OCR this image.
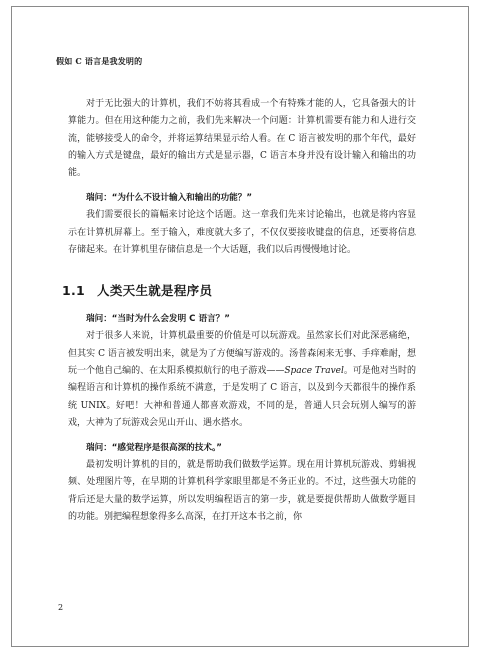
假如 C 语言是我发明的

对于无比强大的计算机，我们不妨将其看成一个有特殊才能的人，它具备强大的计算能力。但在用这种能力之前，我们先来解决一个问题：计算机需要有能力和人进行交流，能够接受人的命令，并将运算结果显示给人看。在 C 语言被发明的那个年代，最好的输入方式是键盘，最好的输出方式是显示器，C 语言本身并没有设计输入和输出的功能。

瑞问：“为什么不设计输入和输出的功能？”

我们需要很长的篇幅来讨论这个话题。这一章我们先来讨论输出，也就是将内容显示在计算机屏幕上。至于输入，难度就大多了，不仅仅要接收键盘的信息，还要将信息存储起来。在计算机里存储信息是一个大话题，我们以后再慢慢地讨论。

1.1 人类天生就是程序员
瑞问：“当时为什么会发明 C 语言？”

对于很多人来说，计算机最重要的价值是可以玩游戏。虽然家长们对此深恶痛绝，但其实 C 语言被发明出来，就是为了方便编写游戏的。汤普森闲来无事、手痒难耐，想玩一个他自己编的、在太阳系模拟航行的电子游戏——Space Travel。可是他对当时的编程语言和计算机的操作系统不满意，于是发明了 C 语言，以及到今天都很牛的操作系统 UNIX。好吧！大神和普通人都喜欢游戏，不同的是，普通人只会玩别人编写的游戏，大神为了玩游戏会见山开山、遇水搭水。

瑞问：“感觉程序是很高深的技术。”

最初发明计算机的目的，就是帮助我们做数学运算。现在用计算机玩游戏、剪辑视频、处理图片等，在早期的计算机科学家眼里都是不务正业的。不过，这些强大功能的背后还是大量的数学运算，所以发明编程语言的第一步，就是要提供帮助人做数学题目的功能。别把编程想象得多么高深，在打开这本书之前，你

2
